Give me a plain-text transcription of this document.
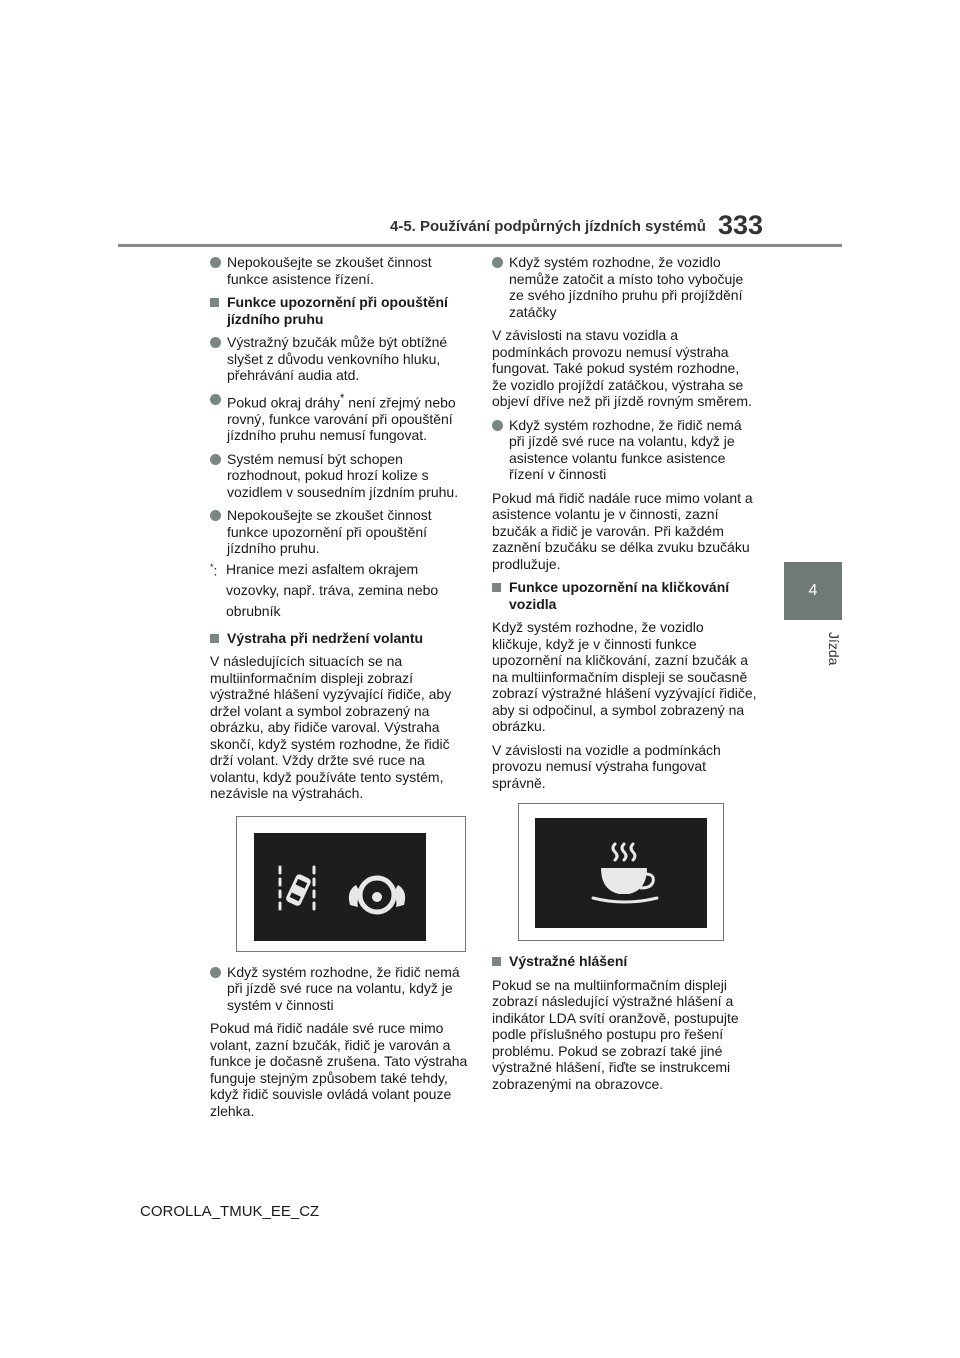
4-5. Používání podpůrných jízdních systémů 333
4
Jízda
Nepokoušejte se zkoušet činnost funkce asistence řízení.
Funkce upozornění při opouštění jízdního pruhu
Výstražný bzučák může být obtížné slyšet z důvodu venkovního hluku, přehrávání audia atd.
Pokud okraj dráhy* není zřejmý nebo rovný, funkce varování při opouštění jízdního pruhu nemusí fungovat.
Systém nemusí být schopen rozhodnout, pokud hrozí kolize s vozidlem v sousedním jízdním pruhu.
Nepokoušejte se zkoušet činnost funkce upozornění při opouštění jízdního pruhu.
*: Hranice mezi asfaltem okrajem vozovky, např. tráva, zemina nebo obrubník
Výstraha při nedržení volantu

V následujících situacích se na multiinformačním displeji zobrazí výstražné hlášení vyzývající řidiče, aby držel volant a symbol zobrazený na obrázku, aby řidiče varoval. Výstraha skončí, když systém rozhodne, že řidič drží volant. Vždy držte své ruce na volantu, když používáte tento systém, nezávisle na výstrahách.

Když systém rozhodne, že řidič nemá při jízdě své ruce na volantu, když je systém v činnosti

Pokud má řidič nadále své ruce mimo volant, zazní bzučák, řidič je varován a funkce je dočasně zrušena. Tato výstraha funguje stejným způsobem také tehdy, když řidič souvisle ovládá volant pouze zlehka.

Když systém rozhodne, že vozidlo nemůže zatočit a místo toho vybočuje ze svého jízdního pruhu při projíždění zatáčky

V závislosti na stavu vozidla a podmínkách provozu nemusí výstraha fungovat. Také pokud systém rozhodne, že vozidlo projíždí zatáčkou, výstraha se objeví dříve než při jízdě rovným směrem.

Když systém rozhodne, že řidič nemá při jízdě své ruce na volantu, když je asistence volantu funkce asistence řízení v činnosti

Pokud má řidič nadále ruce mimo volant a asistence volantu je v činnosti, zazní bzučák a řidič je varován. Při každém zaznění bzučáku se délka zvuku bzučáku prodlužuje.

Funkce upozornění na kličkování vozidla

Když systém rozhodne, že vozidlo kličkuje, když je v činnosti funkce upozornění na kličkování, zazní bzučák a na multiinformačním displeji se současně zobrazí výstražné hlášení vyzývající řidiče, aby si odpočinul, a symbol zobrazený na obrázku.

V závislosti na vozidle a podmínkách provozu nemusí výstraha fungovat správně.

Výstražné hlášení

Pokud se na multiinformačním displeji zobrazí následující výstražné hlášení a indikátor LDA svítí oranžově, postupujte podle příslušného postupu pro řešení problému. Pokud se zobrazí také jiné výstražné hlášení, řiďte se instrukcemi zobrazenými na obrazovce.

COROLLA_TMUK_EE_CZ
